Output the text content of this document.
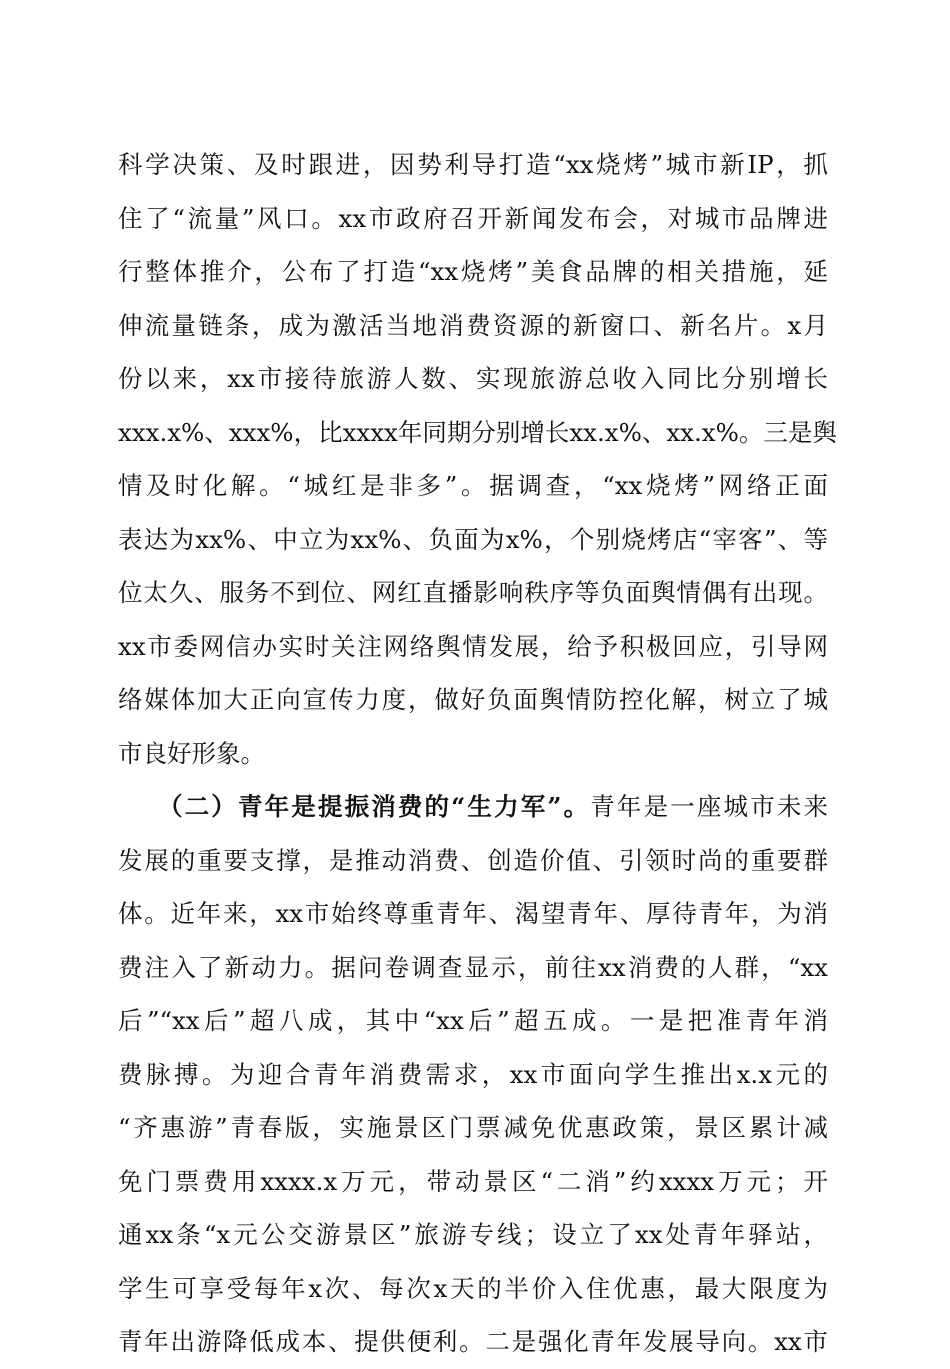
科学决策、及时跟进，因势利导打造“xx烧烤”城市新IP，抓
住了“流量”风口。xx市政府召开新闻发布会，对城市品牌进
行整体推介，公布了打造“xx烧烤”美食品牌的相关措施，延
伸流量链条，成为激活当地消费资源的新窗口、新名片。x月
份以来，xx市接待旅游人数、实现旅游总收入同比分别增长
xxx.x%、xxx%，比xxxx年同期分别增长xx.x%、xx.x%。三是舆
情及时化解。“城红是非多”。据调查，“xx烧烤”网络正面
表达为xx%、中立为xx%、负面为x%，个别烧烤店“宰客”、等
位太久、服务不到位、网红直播影响秩序等负面舆情偶有出现。
xx市委网信办实时关注网络舆情发展，给予积极回应，引导网
络媒体加大正向宣传力度，做好负面舆情防控化解，树立了城
市良好形象。
（二）青年是提振消费的“生力军”。青年是一座城市未来
发展的重要支撑，是推动消费、创造价值、引领时尚的重要群
体。近年来，xx市始终尊重青年、渴望青年、厚待青年，为消
费注入了新动力。据问卷调查显示，前往xx消费的人群，“xx
后”“xx后”超八成，其中“xx后”超五成。一是把准青年消
费脉搏。为迎合青年消费需求，xx市面向学生推出x.x元的
“齐惠游”青春版，实施景区门票减免优惠政策，景区累计减
免门票费用xxxx.x万元，带动景区“二消”约xxxx万元；开
通xx条“x元公交游景区”旅游专线；设立了xx处青年驿站，
学生可享受每年x次、每次x天的半价入住优惠，最大限度为
青年出游降低成本、提供便利。二是强化青年发展导向。xx市
